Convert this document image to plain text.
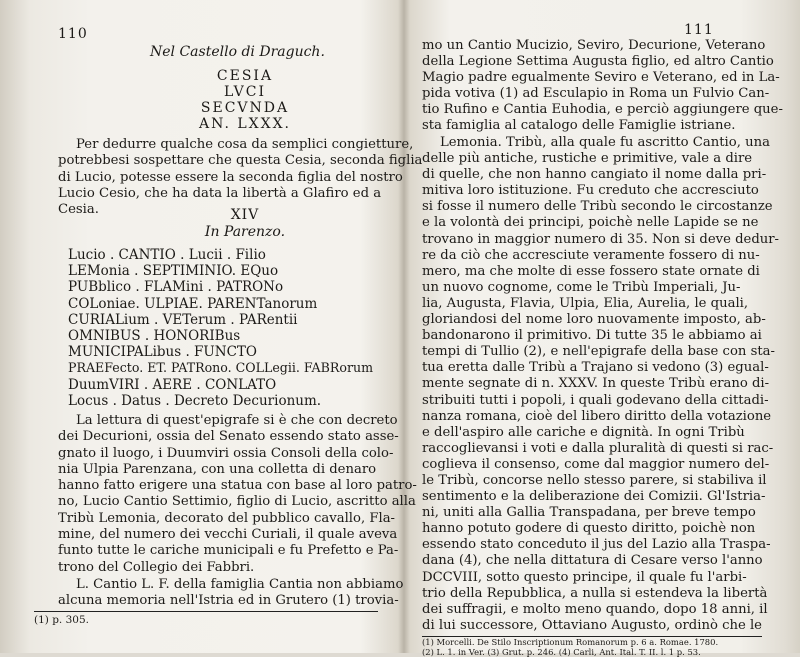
110
Nel Castello di Draguch.
CESIA
LVCI
SECVNDA
AN. LXXX.
Per dedurre qualche cosa da semplici congietture,
potrebbesi sospettare che questa Cesia, seconda figlia
di Lucio, potesse essere la seconda figlia del nostro
Lucio Cesio, che ha data la libertà a Glafiro ed a
Cesia.	XIV
In Parenzo.
Lucio . CANTIO . Lucii . Filio
LEMonia . SEPTIMINIO. EQuo
PUBblico . FLAMini . PATRONo
COLoniae. ULPIAE. PARENTanorum
CURIALium . VETerum . PARentii
OMNIBUS . HONORIBus
MUNICIPALibus . FUNCTO
PRAEFecto. ET. PATRono. COLLegii. FABRorum
DuumVIRI . AERE . CONLATO
Locus . Datus . Decreto Decurionum.
La lettura di quest'epigrafe si è che con decreto
dei Decurioni, ossia del Senato essendo stato asse-
gnato il luogo, i Duumviri ossia Consoli della colo-
nia Ulpia Parenzana, con una colletta di denaro
hanno fatto erigere una statua con base al loro patro-
no, Lucio Cantio Settimio, figlio di Lucio, ascritto alla
Tribù Lemonia, decorato del pubblico cavallo, Fla-
mine, del numero dei vecchi Curiali, il quale aveva
funto tutte le cariche municipali e fu Prefetto e Pa-
trono del Collegio dei Fabbri.
L. Cantio L. F. della famiglia Cantia non abbiamo
alcuna memoria nell'Istria ed in Grutero (1) trovia-
(1) p. 305.
111
mo un Cantio Mucizio, Seviro, Decurione, Veterano
della Legione Settima Augusta figlio, ed altro Cantio
Magio padre egualmente Seviro e Veterano, ed in La-
pida votiva (1) ad Esculapio in Roma un Fulvio Can-
tio Rufino e Cantia Euhodia, e perciò aggiungere que-
sta famiglia al catalogo delle Famiglie istriane.
Lemonia. Tribù, alla quale fu ascritto Cantio, una
delle più antiche, rustiche e primitive, vale a dire
di quelle, che non hanno cangiato il nome dalla pri-
mitiva loro istituzione. Fu creduto che accresciuto
si fosse il numero delle Tribù secondo le circostanze
e la volontà dei principi, poichè nelle Lapide se ne
trovano in maggior numero di 35. Non si deve dedur-
re da ciò che accresciute veramente fossero di nu-
mero, ma che molte di esse fossero state ornate di
un nuovo cognome, come le Tribù Imperiali, Ju-
lia, Augusta, Flavia, Ulpia, Elia, Aurelia, le quali,
gloriandosi del nome loro nuovamente imposto, ab-
bandonarono il primitivo. Di tutte 35 le abbiamo ai
tempi di Tullio (2), e nell'epigrafe della base con sta-
tua eretta dalle Tribù a Trajano si vedono (3) egual-
mente segnate di n. XXXV. In queste Tribù erano di-
stribuiti tutti i popoli, i quali godevano della cittadi-
nanza romana, cioè del libero diritto della votazione
e dell'aspiro alle cariche e dignità. In ogni Tribù
raccoglievansi i voti e dalla pluralità di questi si rac-
coglieva il consenso, come dal maggior numero del-
le Tribù, concorse nello stesso parere, si stabiliva il
sentimento e la deliberazione dei Comizii. Gl'Istria-
ni, uniti alla Gallia Transpadana, per breve tempo
hanno potuto godere di questo diritto, poichè non
essendo stato conceduto il jus del Lazio alla Traspa-
dana (4), che nella dittatura di Cesare verso l'anno
DCCVIII, sotto questo principe, il quale fu l'arbi-
trio della Repubblica, a nulla si estendeva la libertà
dei suffragii, e molto meno quando, dopo 18 anni, il
di lui successore, Ottaviano Augusto, ordinò che le
(1) Morcelli. De Stilo Inscriptionum Romanorum p. 6 a. Romae. 1780.
(2) L. 1. in Ver. (3) Grut. p. 246. (4) Carli, Ant. Ital. T. II. l. 1 p. 53.
